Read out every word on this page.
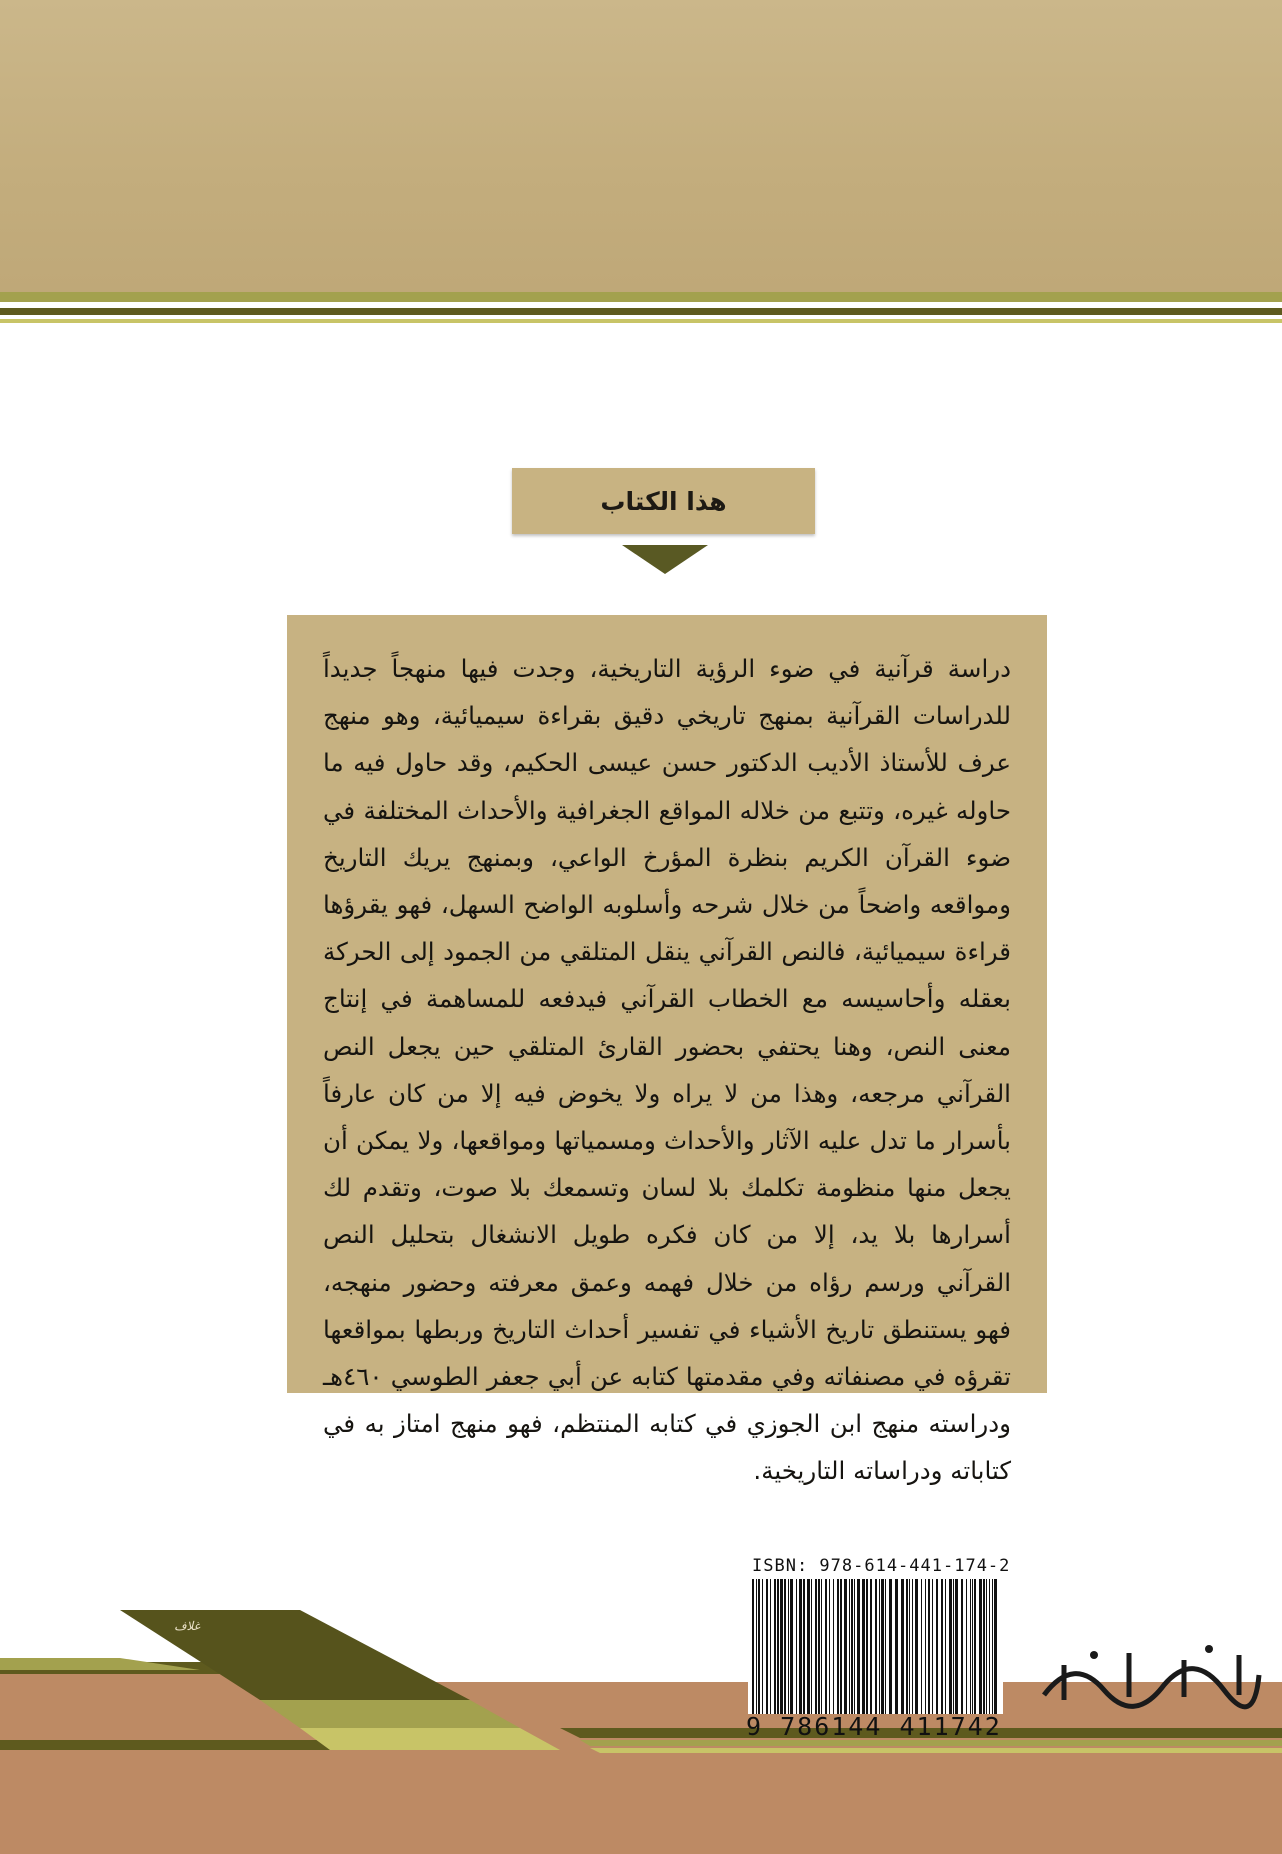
هذا الكتاب

دراسة قرآنية في ضوء الرؤية التاريخية، وجدت فيها منهجاً جديداً للدراسات القرآنية بمنهج تاريخي دقيق بقراءة سيميائية، وهو منهج عرف للأستاذ الأديب الدكتور حسن عيسى الحكيم، وقد حاول فيه ما حاوله غيره، وتتبع من خلاله المواقع الجغرافية والأحداث المختلفة في ضوء القرآن الكريم بنظرة المؤرخ الواعي، وبمنهج يريك التاريخ ومواقعه واضحاً من خلال شرحه وأسلوبه الواضح السهل، فهو يقرؤها قراءة سيميائية، فالنص القرآني ينقل المتلقي من الجمود إلى الحركة بعقله وأحاسيسه مع الخطاب القرآني فيدفعه للمساهمة في إنتاج معنى النص، وهنا يحتفي بحضور القارئ المتلقي حين يجعل النص القرآني مرجعه، وهذا من لا يراه ولا يخوض فيه إلا من كان عارفاً بأسرار ما تدل عليه الآثار والأحداث ومسمياتها ومواقعها، ولا يمكن أن يجعل منها منظومة تكلمك بلا لسان وتسمعك بلا صوت، وتقدم لك أسرارها بلا يد، إلا من كان فكره طويل الانشغال بتحليل النص القرآني ورسم رؤاه من خلال فهمه وعمق معرفته وحضور منهجه، فهو يستنطق تاريخ الأشياء في تفسير أحداث التاريخ وربطها بمواقعها تقرؤه في مصنفاته وفي مقدمتها كتابه عن أبي جعفر الطوسي ٤٦٠هـ ودراسته منهج ابن الجوزي في كتابه المنتظم، فهو منهج امتاز به في كتاباته ودراساته التاريخية.

غلاف
ISBN: 978-614-441-174-2
9 786144 411742
